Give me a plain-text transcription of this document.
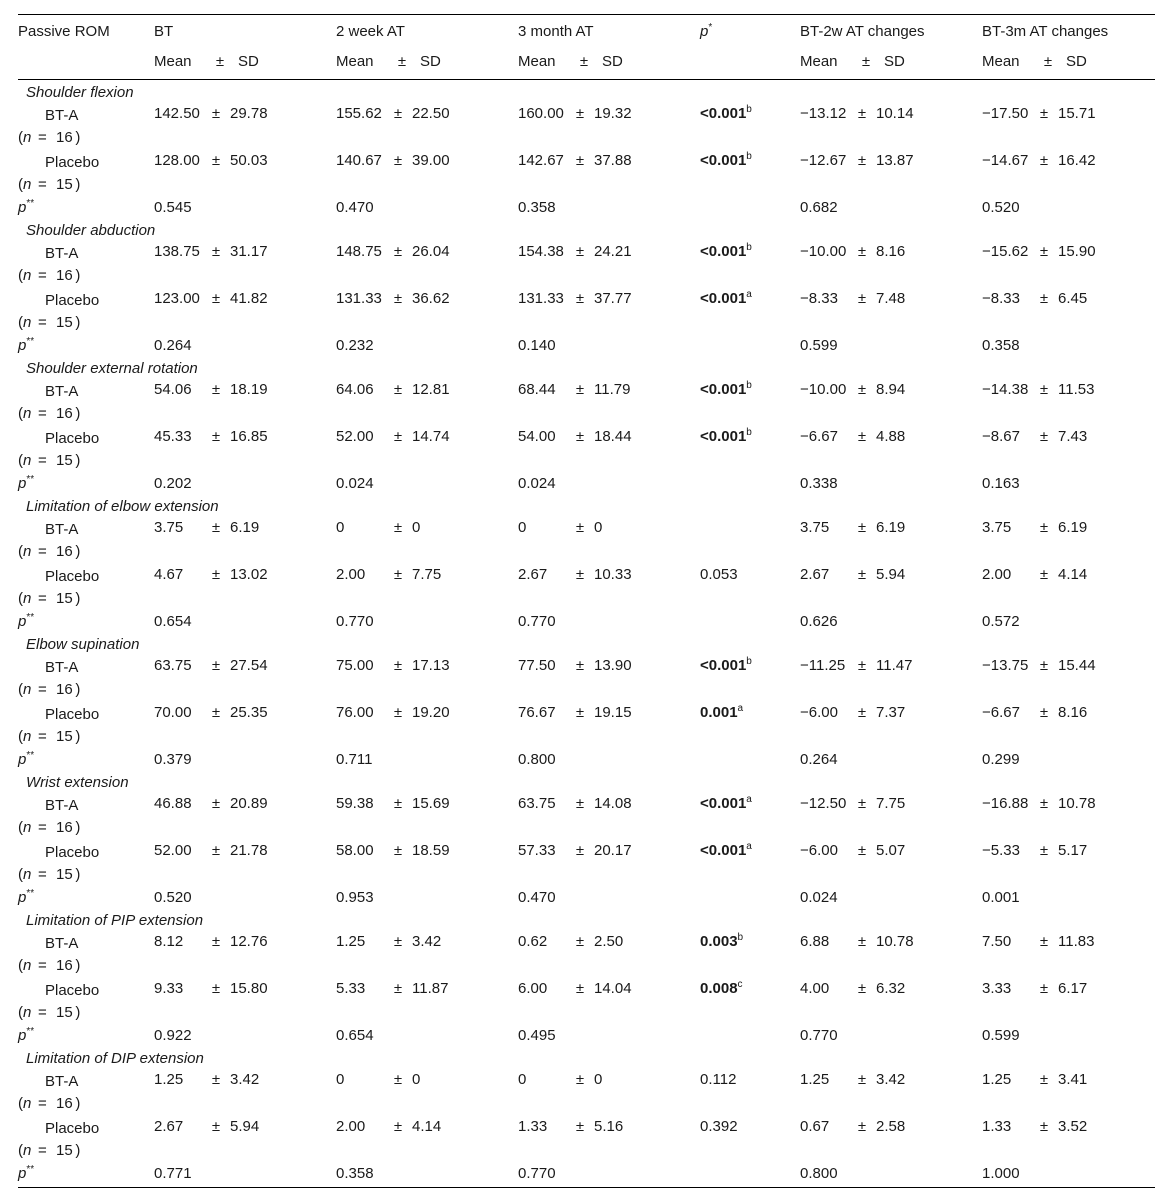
Passive ROM	BT	2 week AT	3 month AT	p*	BT-2w AT changes	BT-3m AT changes
	Mean ± SD	Mean ± SD	Mean ± SD		Mean ± SD	Mean ± SD
Shoulder flexion						

BT-A
(n = 16 )	142.50 ± 29.78	155.62 ± 22.50	160.00 ± 19.32	<0.001$^b$	−13.12 ± 10.14	−17.50 ± 15.71

Placebo
(n = 15 )	128.00 ± 50.03	140.67 ± 39.00	142.67 ± 37.88	<0.001$^b$	−12.67 ± 13.87	−14.67 ± 16.42
p**	0.545	0.470	0.358		0.682	0.520
Shoulder abduction						

BT-A
(n = 16 )	138.75 ± 31.17	148.75 ± 26.04	154.38 ± 24.21	<0.001$^b$	−10.00 ± 8.16	−15.62 ± 15.90

Placebo
(n = 15 )	123.00 ± 41.82	131.33 ± 36.62	131.33 ± 37.77	<0.001$^a$	−8.33 ± 7.48	−8.33 ± 6.45
p**	0.264	0.232	0.140		0.599	0.358
Shoulder external rotation						

BT-A
(n = 16 )	54.06 ± 18.19	64.06 ± 12.81	68.44 ± 11.79	<0.001$^b$	−10.00 ± 8.94	−14.38 ± 11.53

Placebo
(n = 15 )	45.33 ± 16.85	52.00 ± 14.74	54.00 ± 18.44	<0.001$^b$	−6.67 ± 4.88	−8.67 ± 7.43
p**	0.202	0.024	0.024		0.338	0.163
Limitation of elbow extension						

BT-A
(n = 16 )	3.75 ± 6.19	0 ± 0	0 ± 0		3.75 ± 6.19	3.75 ± 6.19

Placebo
(n = 15 )	4.67 ± 13.02	2.00 ± 7.75	2.67 ± 10.33	0.053	2.67 ± 5.94	2.00 ± 4.14
p**	0.654	0.770	0.770		0.626	0.572
Elbow supination						

BT-A
(n = 16 )	63.75 ± 27.54	75.00 ± 17.13	77.50 ± 13.90	<0.001$^b$	−11.25 ± 11.47	−13.75 ± 15.44

Placebo
(n = 15 )	70.00 ± 25.35	76.00 ± 19.20	76.67 ± 19.15	0.001$^a$	−6.00 ± 7.37	−6.67 ± 8.16
p**	0.379	0.711	0.800		0.264	0.299
Wrist extension						

BT-A
(n = 16 )	46.88 ± 20.89	59.38 ± 15.69	63.75 ± 14.08	<0.001$^a$	−12.50 ± 7.75	−16.88 ± 10.78

Placebo
(n = 15 )	52.00 ± 21.78	58.00 ± 18.59	57.33 ± 20.17	<0.001$^a$	−6.00 ± 5.07	−5.33 ± 5.17
p**	0.520	0.953	0.470		0.024	0.001
Limitation of PIP extension						

BT-A
(n = 16 )	8.12 ± 12.76	1.25 ± 3.42	0.62 ± 2.50	0.003$^b$	6.88 ± 10.78	7.50 ± 11.83

Placebo
(n = 15 )	9.33 ± 15.80	5.33 ± 11.87	6.00 ± 14.04	0.008$^c$	4.00 ± 6.32	3.33 ± 6.17
p**	0.922	0.654	0.495		0.770	0.599
Limitation of DIP extension						

BT-A
(n = 16 )	1.25 ± 3.42	0 ± 0	0 ± 0	0.112	1.25 ± 3.42	1.25 ± 3.41

Placebo
(n = 15 )	2.67 ± 5.94	2.00 ± 4.14	1.33 ± 5.16	0.392	0.67 ± 2.58	1.33 ± 3.52
p**	0.771	0.358	0.770		0.800	1.000
